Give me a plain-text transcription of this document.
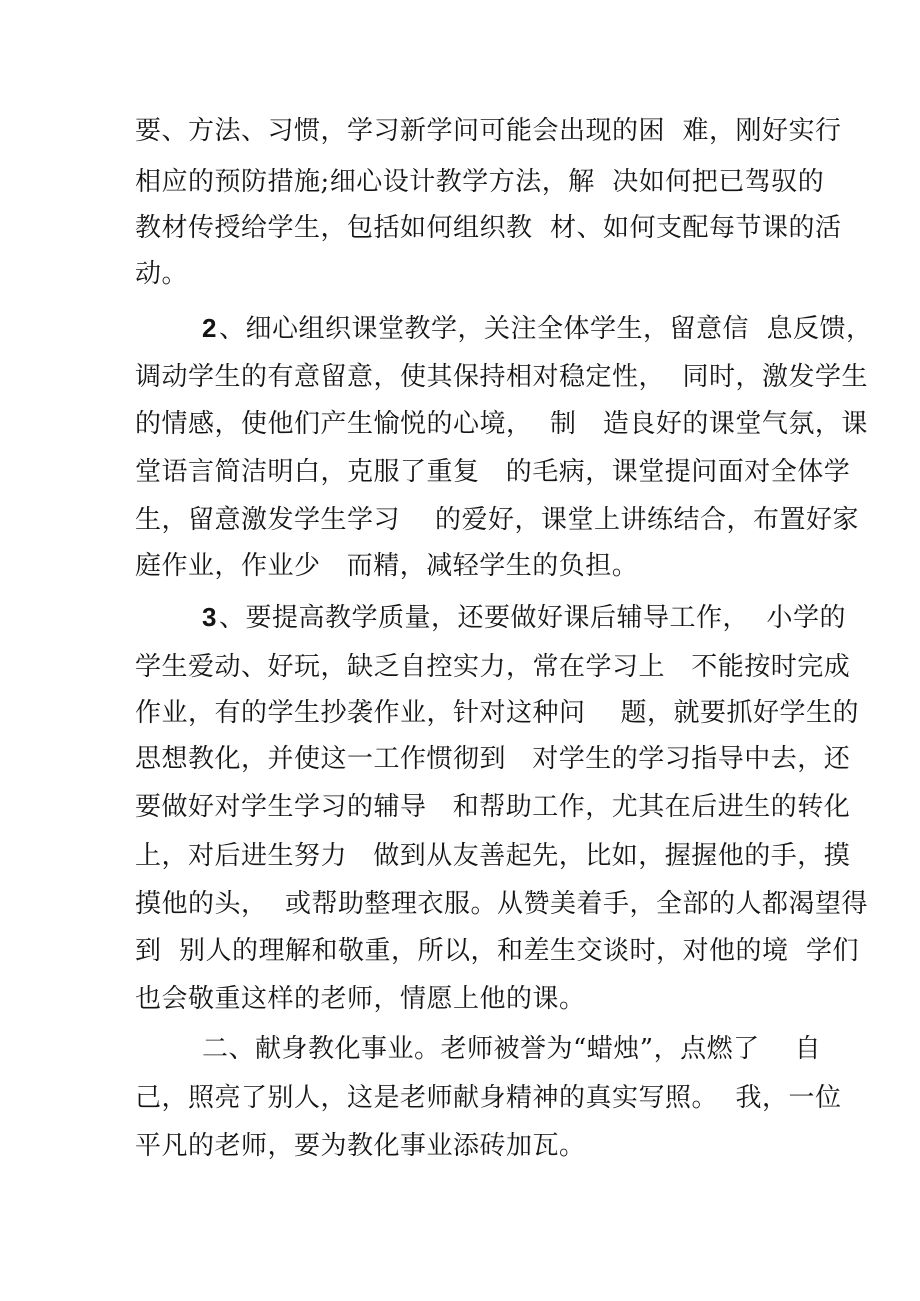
要、方法、习惯，学习新学问可能会出现的困  难，刚好实行
相应的预防措施;细心设计教学方法，解  决如何把已驾驭的
教材传授给学生，包括如何组织教  材、如何支配每节课的活
动。
2、细心组织课堂教学，关注全体学生，留意信  息反馈，
调动学生的有意留意，使其保持相对稳定性，  同时，激发学生
的情感，使他们产生愉悦的心境，  制   造良好的课堂气氛，课
堂语言简洁明白，克服了重复   的毛病，课堂提问面对全体学
生，留意激发学生学习    的爱好，课堂上讲练结合，布置好家
庭作业，作业少   而精，减轻学生的负担。
3、要提高教学质量，还要做好课后辅导工作，  小学的
学生爱动、好玩，缺乏自控实力，常在学习上   不能按时完成
作业，有的学生抄袭作业，针对这种问    题，就要抓好学生的
思想教化，并使这一工作惯彻到   对学生的学习指导中去，还
要做好对学生学习的辅导   和帮助工作，尤其在后进生的转化
上，对后进生努力   做到从友善起先，比如，握握他的手，摸
摸他的头，  或帮助整理衣服。从赞美着手，全部的人都渴望得
到  别人的理解和敬重，所以，和差生交谈时，对他的境  学们
也会敬重这样的老师，情愿上他的课。
二、献身教化事业。老师被誉为“蜡烛”，点燃了    自
己，照亮了别人，这是老师献身精神的真实写照。  我，一位
平凡的老师，要为教化事业添砖加瓦。
